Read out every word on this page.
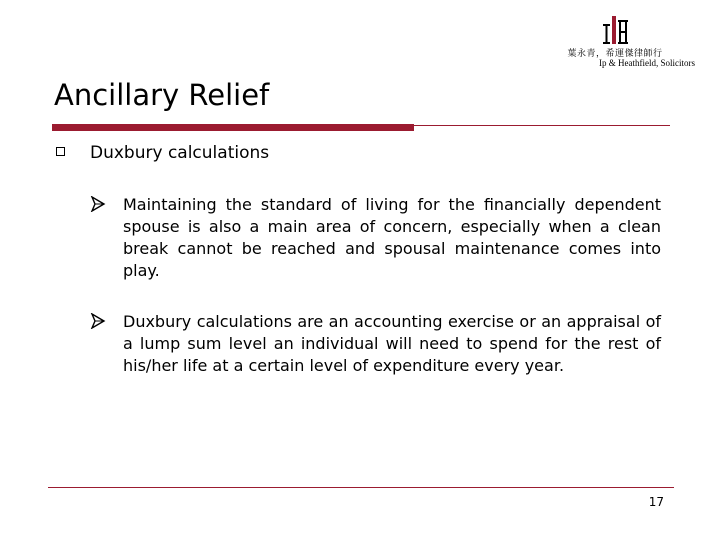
葉永青，希運傑律師行
Ip & Heathfield, Solicitors
Ancillary Relief
Duxbury calculations
Maintaining the standard of living for the financially dependent spouse is also a main area of concern, especially when a clean break cannot be reached and spousal maintenance comes into play.
Duxbury calculations are an accounting exercise or an appraisal of a lump sum level an individual will need to spend for the rest of his/her life at a certain level of expenditure every year.
17
